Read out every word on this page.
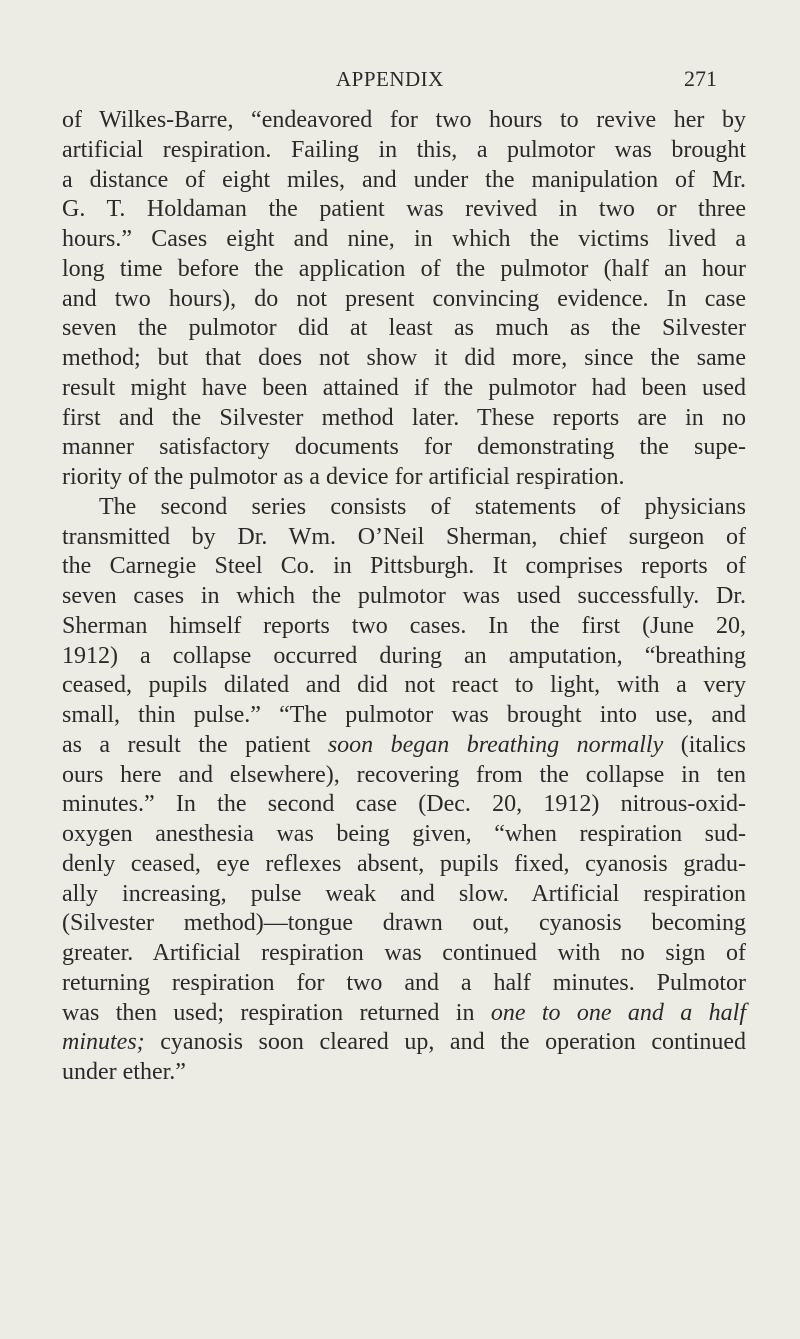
APPENDIX	271
of Wilkes-Barre, “endeavored for two hours to revive her by
artificial respiration. Failing in this, a pulmotor was brought
a distance of eight miles, and under the manipulation of Mr.
G. T. Holdaman the patient was revived in two or three
hours.” Cases eight and nine, in which the victims lived a
long time before the application of the pulmotor (half an hour
and two hours), do not present convincing evidence. In case
seven the pulmotor did at least as much as the Silvester
method; but that does not show it did more, since the same
result might have been attained if the pulmotor had been used
first and the Silvester method later. These reports are in no
manner satisfactory documents for demonstrating the supe-
riority of the pulmotor as a device for artificial respiration.
The second series consists of statements of physicians
transmitted by Dr. Wm. O’Neil Sherman, chief surgeon of
the Carnegie Steel Co. in Pittsburgh. It comprises reports of
seven cases in which the pulmotor was used successfully. Dr.
Sherman himself reports two cases. In the first (June 20,
1912) a collapse occurred during an amputation, “breathing
ceased, pupils dilated and did not react to light, with a very
small, thin pulse.” “The pulmotor was brought into use, and
as a result the patient soon began breathing normally (italics
ours here and elsewhere), recovering from the collapse in ten
minutes.” In the second case (Dec. 20, 1912) nitrous-oxid-
oxygen anesthesia was being given, “when respiration sud-
denly ceased, eye reflexes absent, pupils fixed, cyanosis gradu-
ally increasing, pulse weak and slow. Artificial respiration
(Silvester method)—tongue drawn out, cyanosis becoming
greater. Artificial respiration was continued with no sign of
returning respiration for two and a half minutes. Pulmotor
was then used; respiration returned in one to one and a half
minutes; cyanosis soon cleared up, and the operation continued
under ether.”
